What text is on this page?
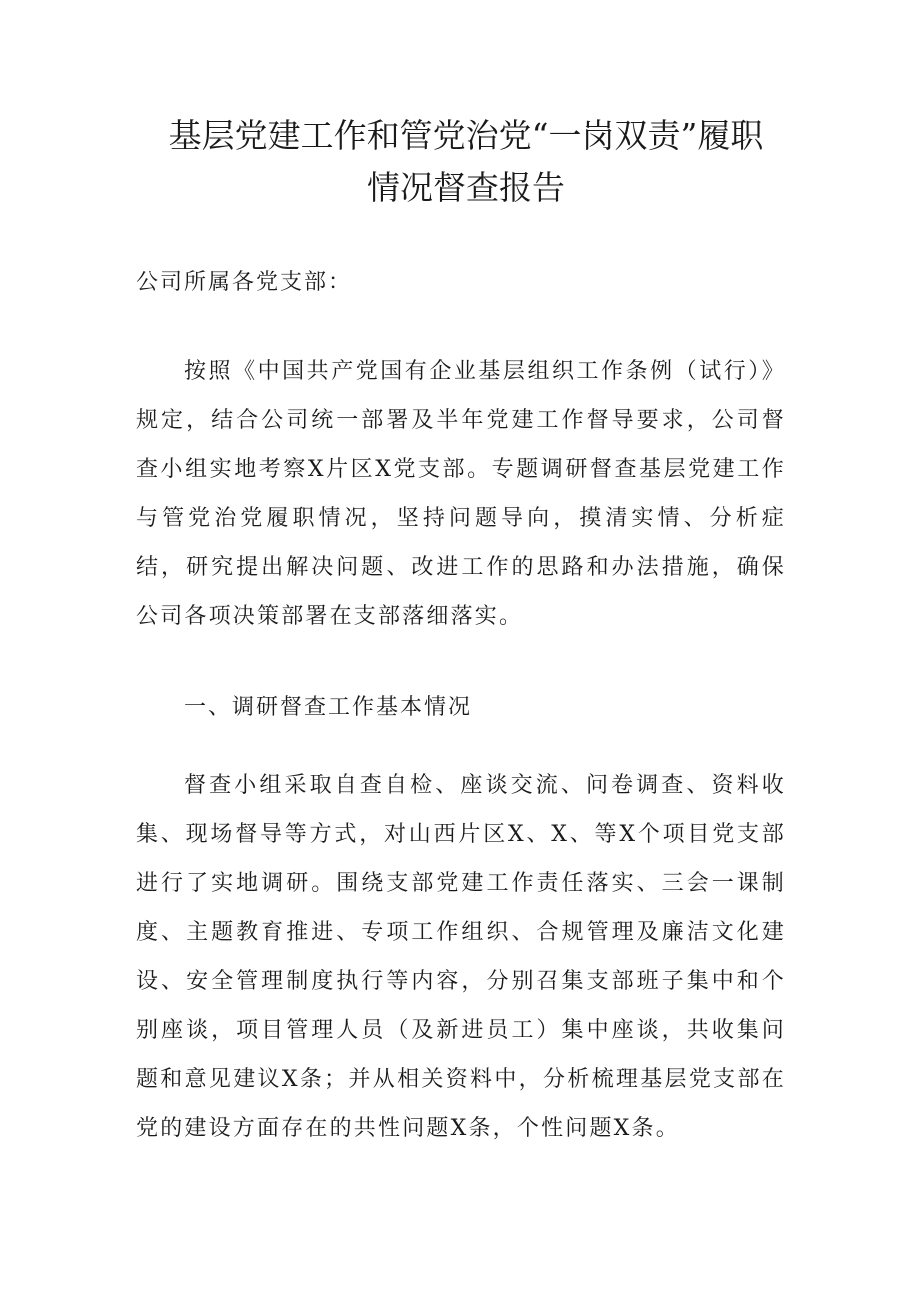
基层党建工作和管党治党“一岗双责”履职
情况督查报告

公司所属各党支部：

按照《中国共产党国有企业基层组织工作条例（试行）》规定，结合公司统一部署及半年党建工作督导要求，公司督查小组实地考察X片区X党支部。专题调研督查基层党建工作与管党治党履职情况，坚持问题导向，摸清实情、分析症结，研究提出解决问题、改进工作的思路和办法措施，确保公司各项决策部署在支部落细落实。

一、调研督查工作基本情况

督查小组采取自查自检、座谈交流、问卷调查、资料收集、现场督导等方式，对山西片区X、X、等X个项目党支部进行了实地调研。围绕支部党建工作责任落实、三会一课制度、主题教育推进、专项工作组织、合规管理及廉洁文化建设、安全管理制度执行等内容，分别召集支部班子集中和个别座谈，项目管理人员（及新进员工）集中座谈，共收集问题和意见建议X条；并从相关资料中，分析梳理基层党支部在党的建设方面存在的共性问题X条，个性问题X条。
